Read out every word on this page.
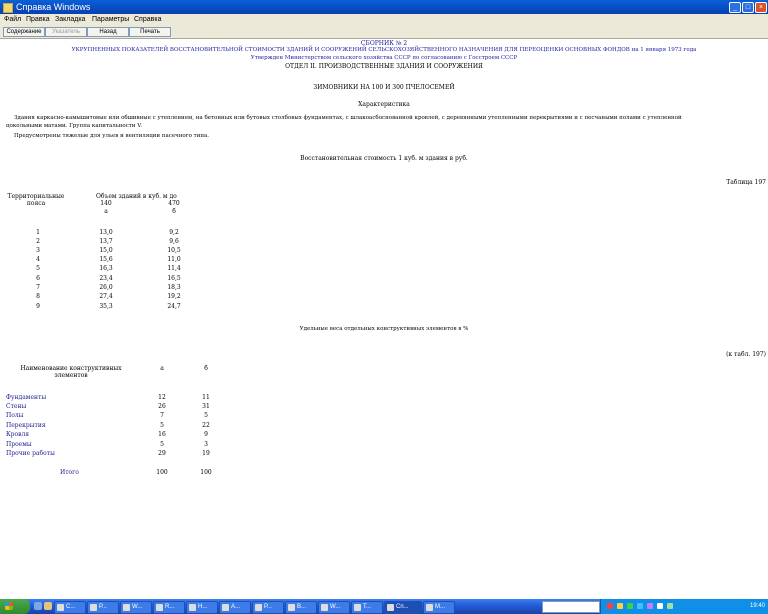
Справка Windows	_	□	×
Файл Правка Закладка Параметры Справка
Содержание	Указатель	Назад	Печать
СБОРНИК № 2
УКРУПНЕННЫХ ПОКАЗАТЕЛЕЙ ВОССТАНОВИТЕЛЬНОЙ СТОИМОСТИ ЗДАНИЙ И СООРУЖЕНИЙ СЕЛЬСКОХОЗЯЙСТВЕННОГО НАЗНАЧЕНИЯ ДЛЯ ПЕРЕОЦЕНКИ ОСНОВНЫХ ФОНДОВ на 1 января 1973 года
Утвержден Министерством сельского хозяйства СССР по согласованию с Госстроем СССР
ОТДЕЛ II. ПРОИЗВОДСТВЕННЫЕ ЗДАНИЯ И СООРУЖЕНИЯ
ЗИМОВНИКИ НА 100 И 300 ПЧЕЛОСЕМЕЙ
Характеристика
Здания каркасно-камышитовые или обшивные с утеплением, на бетонных или бутовых столбовых фундаментах, с шлакоасбоснованной кровлей, с деревянными утепленными перекрытиями и с песчаными полами с утепленной
цокольными матами. Группа капитальности V.
Предусмотрены тяжелые для ульев и вентиляции пасечного типа.
Восстановительная стоимость 1 куб. м здания в руб.
Таблица 197
Территориальные пояса
Объем зданий в куб. м до
140	470
а	б
1	13,0	9,2
2	13,7	9,6
3	15,0	10,5
4	15,6	11,0
5	16,3	11,4
6	23,4	16,5
7	26,0	18,3
8	27,4	19,2
9	35,3	24,7
Удельные веса отдельных конструктивных элементов в %
(к табл. 197)
Наименование конструктивных элементов
а	б
Фундаменты	12	11
Стены	26	31
Полы	7	5
Перекрытия	5	22
Кровля	16	9
Проемы	5	3
Прочие работы	29	19
Итого	100	100
С...	Р...	W...	R...	Н...	А...	Р...	В...	W...	Т...	Сп...	М...	19:40
